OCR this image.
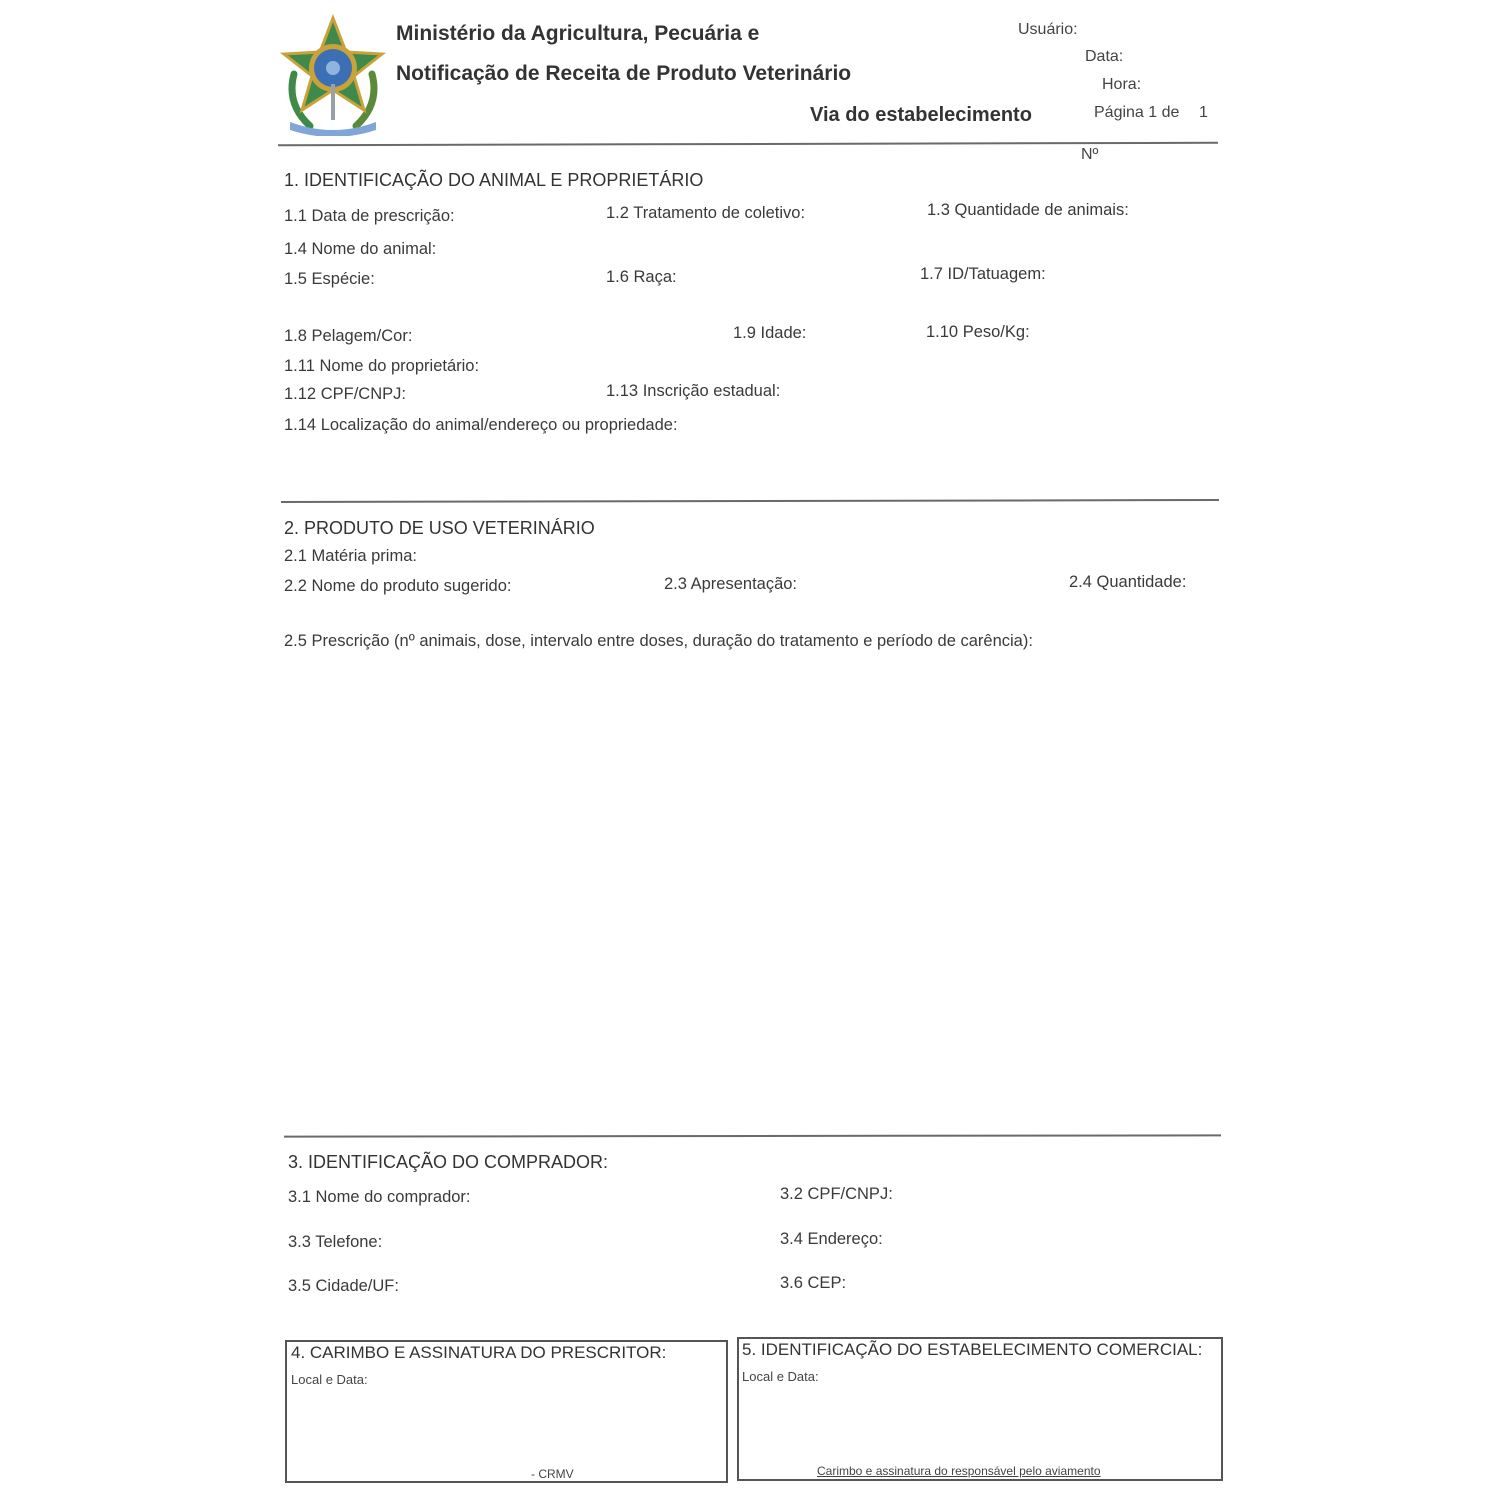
Ministério da Agricultura, Pecuária e
Notificação de Receita de Produto Veterinário
Via do estabelecimento
Usuário:
Data:
Hora:
Página 1 de 1
Nº
1. IDENTIFICAÇÃO DO ANIMAL E PROPRIETÁRIO
1.1 Data de prescrição:	1.2 Tratamento de coletivo:	1.3 Quantidade de animais:
1.4 Nome do animal:
1.5 Espécie:	1.6 Raça:	1.7 ID/Tatuagem:
1.8 Pelagem/Cor:	1.9 Idade:	1.10 Peso/Kg:
1.11 Nome do proprietário:
1.12 CPF/CNPJ:	1.13 Inscrição estadual:
1.14 Localização do animal/endereço ou propriedade:
2. PRODUTO DE USO VETERINÁRIO
2.1 Matéria prima:
2.2 Nome do produto sugerido:	2.3 Apresentação:	2.4 Quantidade:
2.5 Prescrição (nº animais, dose, intervalo entre doses, duração do tratamento e período de carência):
3. IDENTIFICAÇÃO DO COMPRADOR:
3.1 Nome do comprador:	3.2 CPF/CNPJ:
3.3 Telefone:	3.4 Endereço:
3.5 Cidade/UF:	3.6 CEP:
4. CARIMBO E ASSINATURA DO PRESCRITOR:
Local e Data:
- CRMV
5. IDENTIFICAÇÃO DO ESTABELECIMENTO COMERCIAL:
Local e Data:
Carimbo e assinatura do responsável pelo aviamento
